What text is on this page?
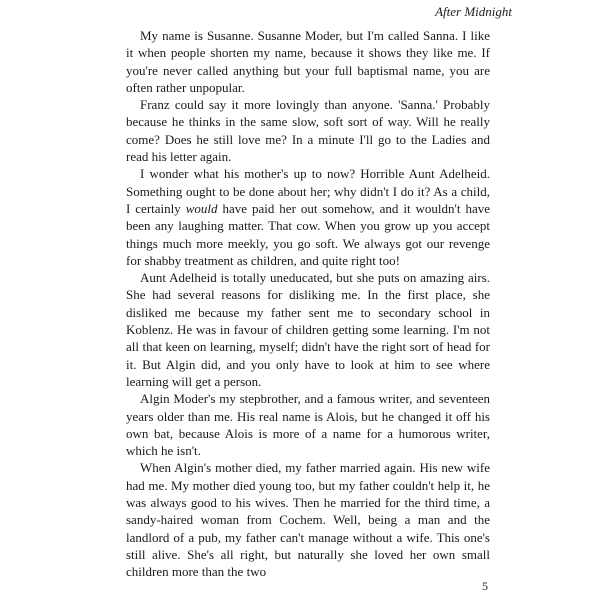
After Midnight

My name is Susanne. Susanne Moder, but I'm called Sanna. I like it when people shorten my name, because it shows they like me. If you're never called anything but your full baptismal name, you are often rather unpopular.

Franz could say it more lovingly than anyone. 'Sanna.' Probably because he thinks in the same slow, soft sort of way. Will he really come? Does he still love me? In a minute I'll go to the Ladies and read his letter again.

I wonder what his mother's up to now? Horrible Aunt Adelheid. Something ought to be done about her; why didn't I do it? As a child, I certainly would have paid her out somehow, and it wouldn't have been any laughing matter. That cow. When you grow up you accept things much more meekly, you go soft. We always got our revenge for shabby treatment as children, and quite right too!

Aunt Adelheid is totally uneducated, but she puts on amazing airs. She had several reasons for disliking me. In the first place, she disliked me because my father sent me to secondary school in Koblenz. He was in favour of children getting some learning. I'm not all that keen on learning, myself; didn't have the right sort of head for it. But Algin did, and you only have to look at him to see where learning will get a person.

Algin Moder's my stepbrother, and a famous writer, and seventeen years older than me. His real name is Alois, but he changed it off his own bat, because Alois is more of a name for a humorous writer, which he isn't.

When Algin's mother died, my father married again. His new wife had me. My mother died young too, but my father couldn't help it, he was always good to his wives. Then he married for the third time, a sandy-haired woman from Cochem. Well, being a man and the landlord of a pub, my father can't manage without a wife. This one's still alive. She's all right, but naturally she loved her own small children more than the two

5
